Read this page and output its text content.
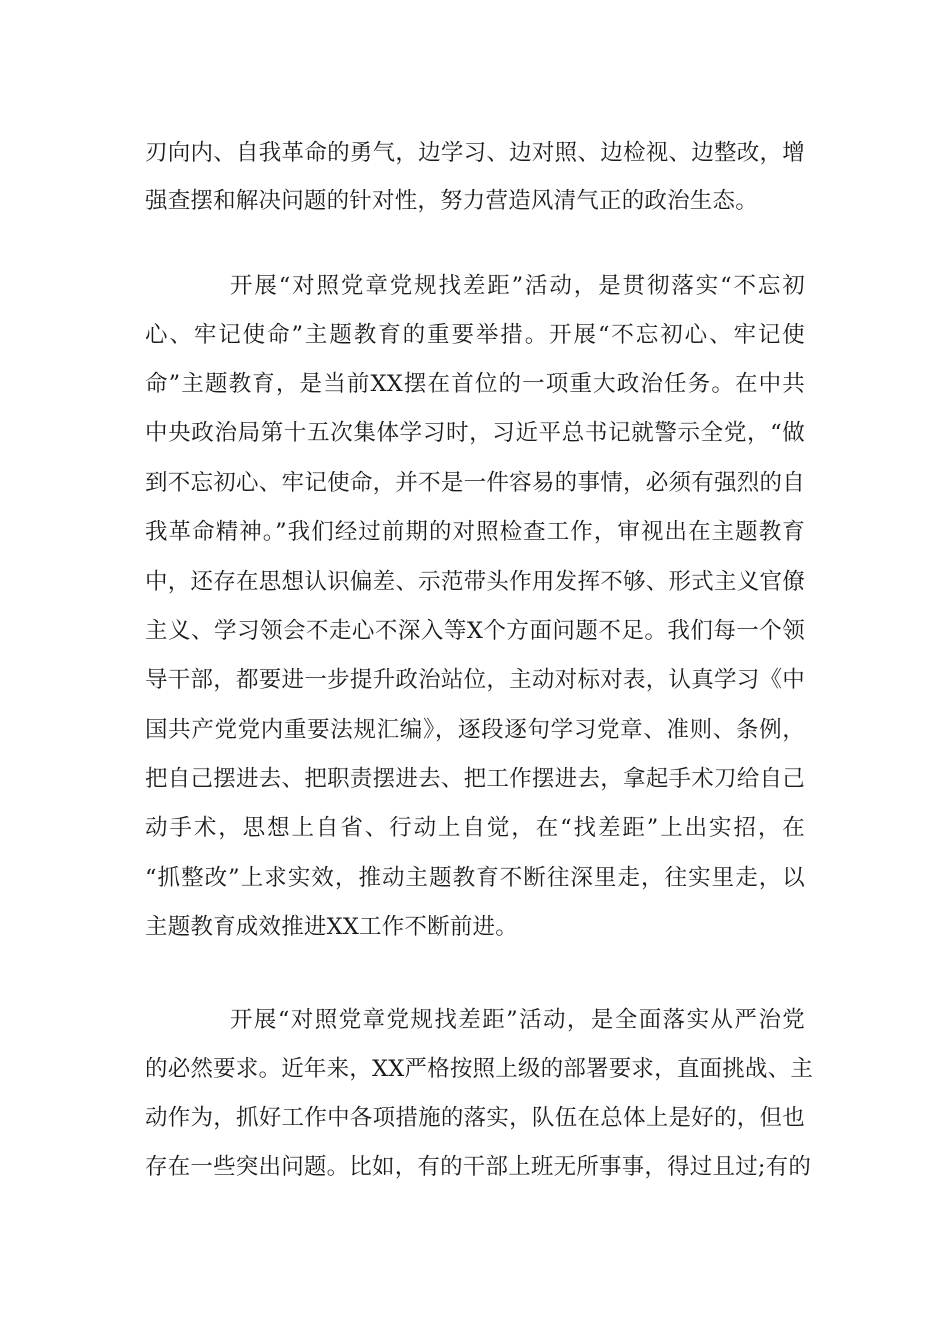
刃向内、自我革命的勇气，边学习、边对照、边检视、边整改，增
强查摆和解决问题的针对性，努力营造风清气正的政治生态。
开展“对照党章党规找差距”活动，是贯彻落实“不忘初
心、牢记使命”主题教育的重要举措。开展“不忘初心、牢记使
命”主题教育，是当前XX摆在首位的一项重大政治任务。在中共
中央政治局第十五次集体学习时，习近平总书记就警示全党，“做
到不忘初心、牢记使命，并不是一件容易的事情，必须有强烈的自
我革命精神。”我们经过前期的对照检查工作，审视出在主题教育
中，还存在思想认识偏差、示范带头作用发挥不够、形式主义官僚
主义、学习领会不走心不深入等X个方面问题不足。我们每一个领
导干部，都要进一步提升政治站位，主动对标对表，认真学习《中
国共产党党内重要法规汇编》，逐段逐句学习党章、准则、条例，
把自己摆进去、把职责摆进去、把工作摆进去，拿起手术刀给自己
动手术，思想上自省、行动上自觉，在“找差距”上出实招，在
“抓整改”上求实效，推动主题教育不断往深里走，往实里走，以
主题教育成效推进XX工作不断前进。
开展“对照党章党规找差距”活动，是全面落实从严治党
的必然要求。近年来，XX严格按照上级的部署要求，直面挑战、主
动作为，抓好工作中各项措施的落实，队伍在总体上是好的，但也
存在一些突出问题。比如，有的干部上班无所事事，得过且过;有的
